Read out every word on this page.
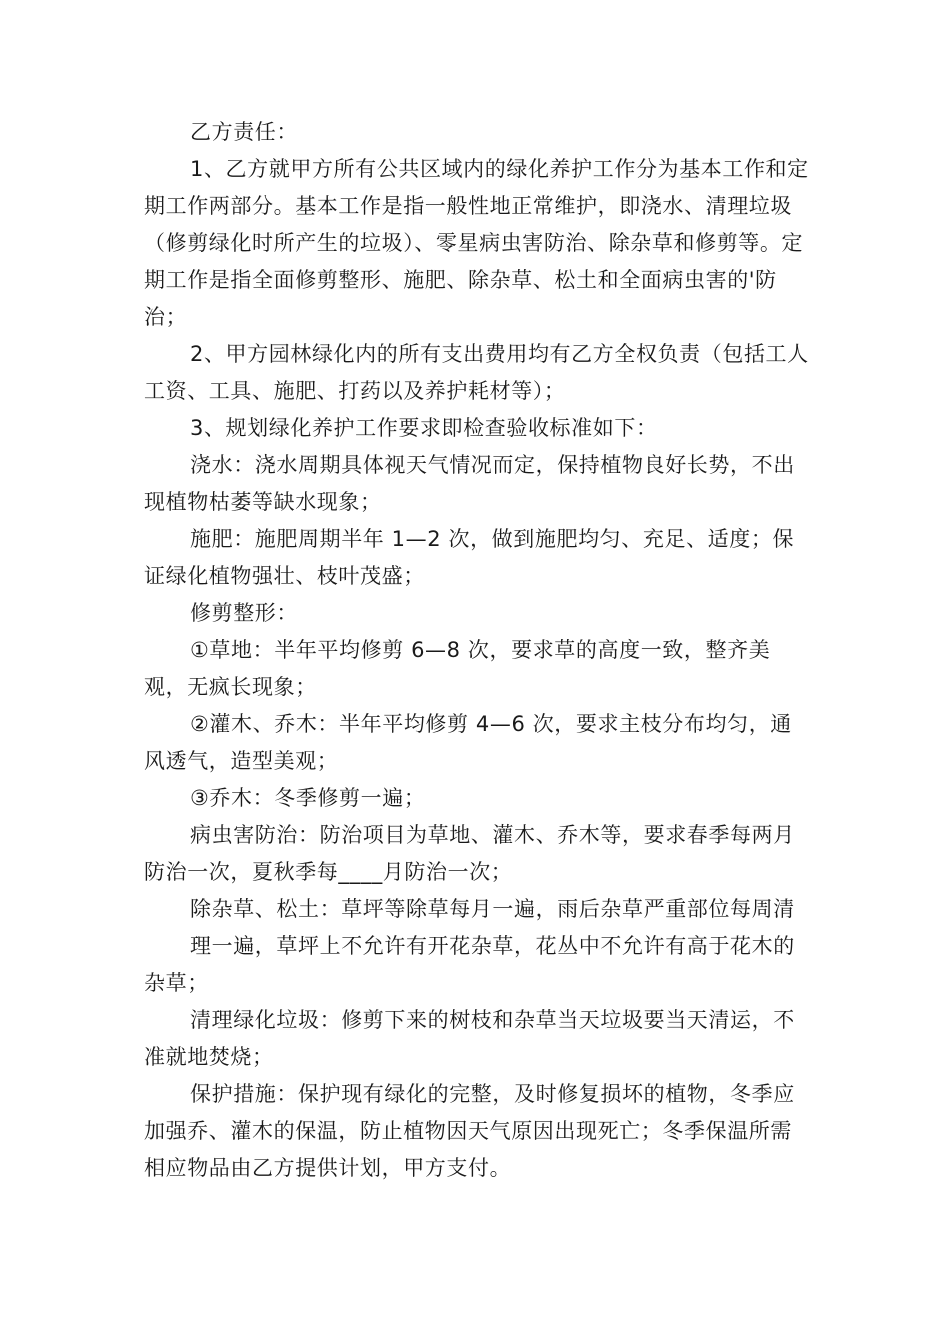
乙方责任：

1、乙方就甲方所有公共区域内的绿化养护工作分为基本工作和定期工作两部分。基本工作是指一般性地正常维护，即浇水、清理垃圾（修剪绿化时所产生的垃圾）、零星病虫害防治、除杂草和修剪等。定期工作是指全面修剪整形、施肥、除杂草、松土和全面病虫害的'防治；

2、甲方园林绿化内的所有支出费用均有乙方全权负责（包括工人工资、工具、施肥、打药以及养护耗材等）；

3、规划绿化养护工作要求即检查验收标准如下：

浇水：浇水周期具体视天气情况而定，保持植物良好长势，不出现植物枯萎等缺水现象；

施肥：施肥周期半年 1—2 次，做到施肥均匀、充足、适度；保证绿化植物强壮、枝叶茂盛；

修剪整形：

①草地：半年平均修剪 6—8 次，要求草的高度一致，整齐美观，无疯长现象；

②灌木、乔木：半年平均修剪 4—6 次，要求主枝分布均匀，通风透气，造型美观；

③乔木：冬季修剪一遍；

病虫害防治：防治项目为草地、灌木、乔木等，要求春季每两月防治一次，夏秋季每____月防治一次；

除杂草、松土：草坪等除草每月一遍，雨后杂草严重部位每周清

理一遍，草坪上不允许有开花杂草，花丛中不允许有高于花木的杂草；

清理绿化垃圾：修剪下来的树枝和杂草当天垃圾要当天清运，不准就地焚烧；

保护措施：保护现有绿化的完整，及时修复损坏的植物，冬季应加强乔、灌木的保温，防止植物因天气原因出现死亡；冬季保温所需相应物品由乙方提供计划，甲方支付。
